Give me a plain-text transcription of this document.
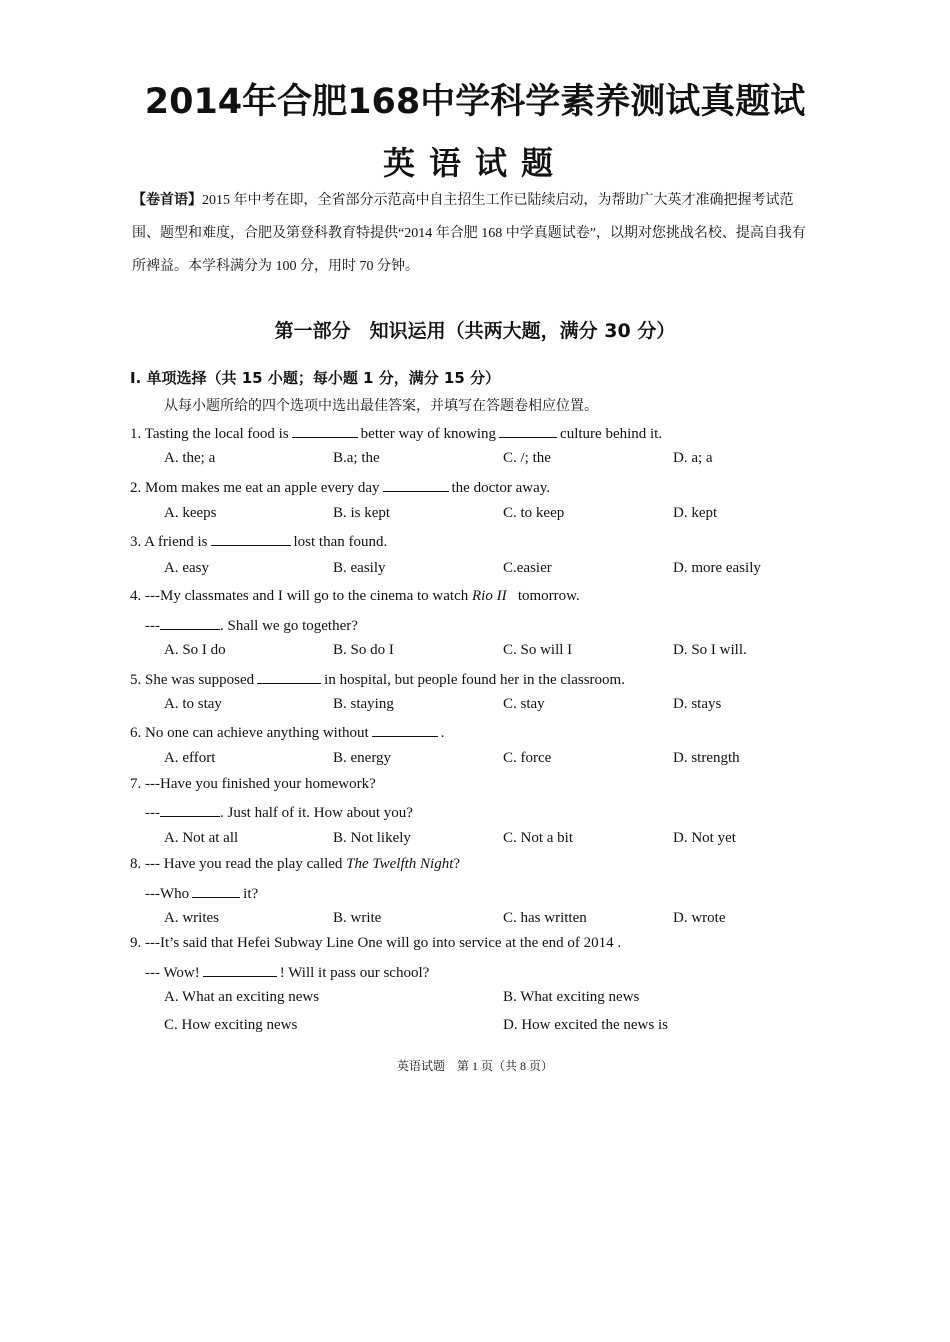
2014年合肥168中学科学素养测试真题试
英语试题
【卷首语】2015 年中考在即，全省部分示范高中自主招生工作已陆续启动，为帮助广大英才准确把握考试范围、题型和难度，合肥及第登科教育特提供“2014 年合肥 168 中学真题试卷”，以期对您挑战名校、提高自我有所裨益。本学科满分为 100 分，用时 70 分钟。
第一部分　知识运用（共两大题，满分 30 分）
I. 单项选择（共 15 小题；每小题 1 分，满分 15 分）
从每小题所给的四个选项中选出最佳答案，并填写在答题卷相应位置。
1. Tasting the local food is	better way of knowing	culture behind it.
A. the; a	B.a; the	C. /; the	D. a; a
2. Mom makes me eat an apple every day	the doctor away.
A. keeps	B. is kept	C. to keep	D. kept
3. A friend is	lost than found.
A. easy	B. easily	C.easier	D. more easily
4. ---My classmates and I will go to the cinema to watch Rio II tomorrow.
---	. Shall we go together?
A. So I do	B. So do I	C. So will I	D. So I will.
5. She was supposed	in hospital, but people found her in the classroom.
A. to stay	B. staying	C. stay	D. stays
6. No one can achieve anything without	.
A. effort	B. energy	C. force	D. strength
7. ---Have you finished your homework?
---	. Just half of it. How about you?
A. Not at all	B. Not likely	C. Not a bit	D. Not yet
8. --- Have you read the play called The Twelfth Night?
---Who	it?
A. writes	B. write	C. has written	D. wrote
9. ---It’s said that Hefei Subway Line One will go into service at the end of 2014 .
--- Wow!	! Will it pass our school?
A. What an exciting news	B. What exciting news
C. How exciting news	D. How excited the news is
英语试题　第 1 页（共 8 页）
